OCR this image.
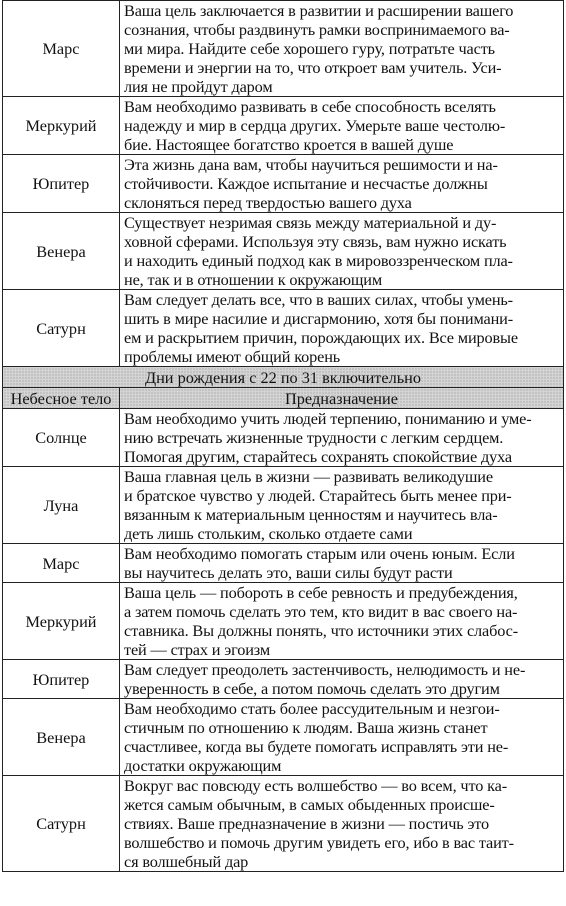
Марс	Ваша цель заключается в развитии и расширении вашего
сознания, чтобы раздвинуть рамки воспринимаемого ва-
ми мира. Найдите себе хорошего гуру, потратьте часть
времени и энергии на то, что откроет вам учитель. Уси-
лия не пройдут даром

Меркурий	Вам необходимо развивать в себе способность вселять
надежду и мир в сердца других. Умерьте ваше честолю-
бие. Настоящее богатство кроется в вашей душе

Юпитер	Эта жизнь дана вам, чтобы научиться решимости и на-
стойчивости. Каждое испытание и несчастье должны
склоняться перед твердостью вашего духа

Венера	Существует незримая связь между материальной и ду-
ховной сферами. Используя эту связь, вам нужно искать
и находить единый подход как в мировоззренческом пла-
не, так и в отношении к окружающим

Сатурн	Вам следует делать все, что в ваших силах, чтобы умень-
шить в мире насилие и дисгармонию, хотя бы понимани-
ем и раскрытием причин, порождающих их. Все мировые
проблемы имеют общий корень

Дни рождения с 22 по 31 включительно	
Небесное тело	Предназначение
Солнце	Вам необходимо учить людей терпению, пониманию и уме-
нию встречать жизненные трудности с легким сердцем.
Помогая другим, старайтесь сохранять спокойствие духа

Луна	Ваша главная цель в жизни — развивать великодушие
и братское чувство у людей. Старайтесь быть менее при-
вязанным к материальным ценностям и научитесь вла-
деть лишь стольким, сколько отдаете сами

Марс	Вам необходимо помогать старым или очень юным. Если
вы научитесь делать это, ваши силы будут расти

Меркурий	Ваша цель — побороть в себе ревность и предубеждения,
а затем помочь сделать это тем, кто видит в вас своего на-
ставника. Вы должны понять, что источники этих слабос-
тей — страх и эгоизм

Юпитер	Вам следует преодолеть застенчивость, нелюдимость и не-
уверенность в себе, а потом помочь сделать это другим

Венера	Вам необходимо стать более рассудительным и незгои-
стичным по отношению к людям. Ваша жизнь станет
счастливее, когда вы будете помогать исправлять эти не-
достатки окружающим

Сатурн	Вокруг вас повсюду есть волшебство — во всем, что ка-
жется самым обычным, в самых обыденных происше-
ствиях. Ваше предназначение в жизни — постичь это
волшебство и помочь другим увидеть его, ибо в вас таит-
ся волшебный дар
